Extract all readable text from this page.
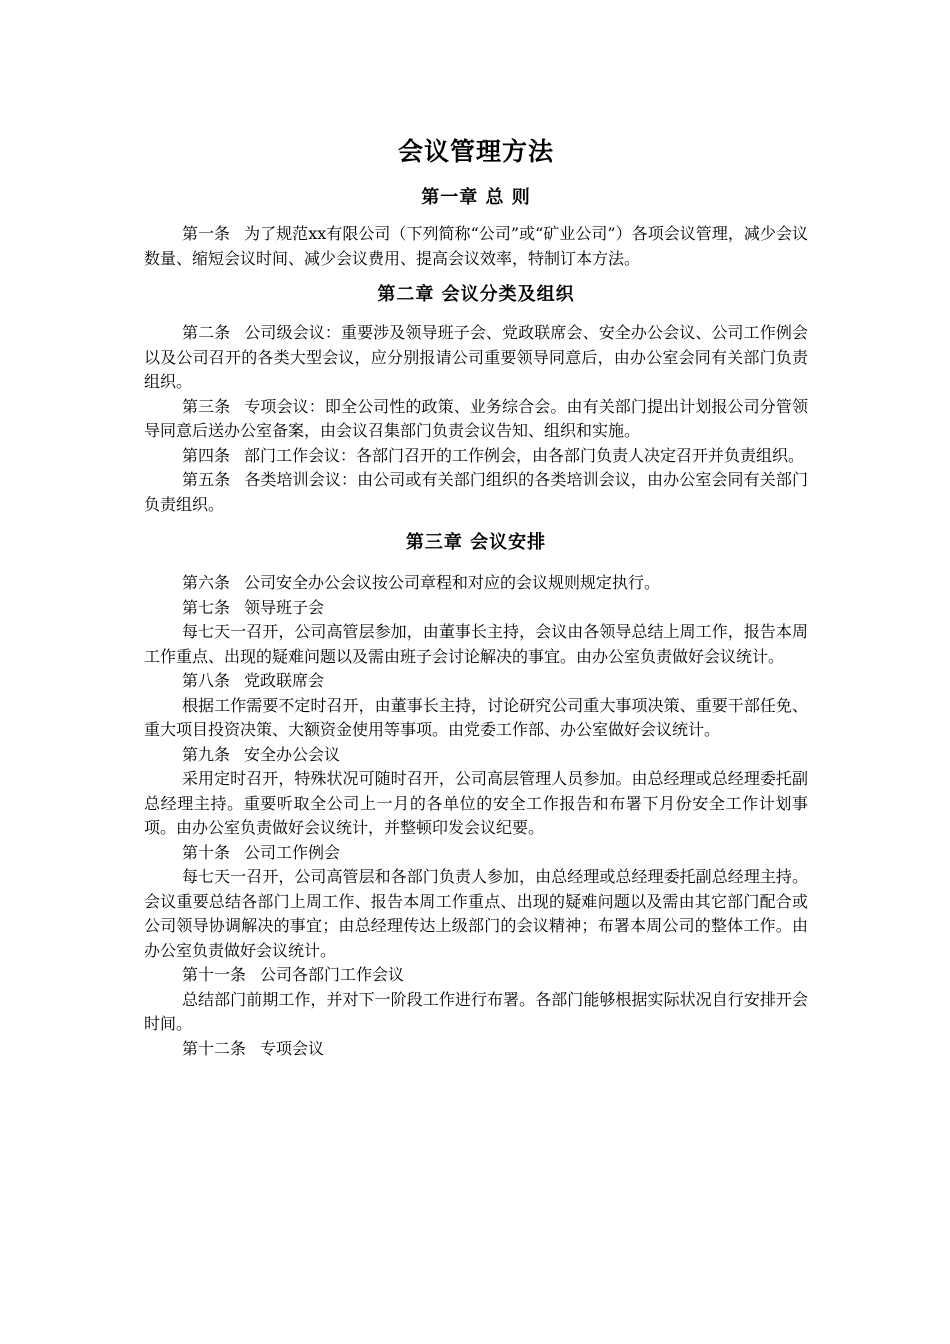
会议管理方法
第一章 总 则

第一条 为了规范xx有限公司（下列简称“公司”或“矿业公司”）各项会议管理，减少会议数量、缩短会议时间、减少会议费用、提高会议效率，特制订本方法。

第二章 会议分类及组织

第二条 公司级会议：重要涉及领导班子会、党政联席会、安全办公会议、公司工作例会以及公司召开的各类大型会议，应分别报请公司重要领导同意后，由办公室会同有关部门负责组织。

第三条 专项会议：即全公司性的政策、业务综合会。由有关部门提出计划报公司分管领导同意后送办公室备案，由会议召集部门负责会议告知、组织和实施。

第四条 部门工作会议：各部门召开的工作例会，由各部门负责人决定召开并负责组织。

第五条 各类培训会议：由公司或有关部门组织的各类培训会议，由办公室会同有关部门负责组织。

第三章 会议安排

第六条 公司安全办公会议按公司章程和对应的会议规则规定执行。

第七条 领导班子会

每七天一召开，公司高管层参加，由董事长主持，会议由各领导总结上周工作，报告本周工作重点、出现的疑难问题以及需由班子会讨论解决的事宜。由办公室负责做好会议统计。

第八条 党政联席会

根据工作需要不定时召开，由董事长主持，讨论研究公司重大事项决策、重要干部任免、重大项目投资决策、大额资金使用等事项。由党委工作部、办公室做好会议统计。

第九条 安全办公会议

采用定时召开，特殊状况可随时召开，公司高层管理人员参加。由总经理或总经理委托副总经理主持。重要听取全公司上一月的各单位的安全工作报告和布署下月份安全工作计划事项。由办公室负责做好会议统计，并整顿印发会议纪要。

第十条 公司工作例会

每七天一召开，公司高管层和各部门负责人参加，由总经理或总经理委托副总经理主持。会议重要总结各部门上周工作、报告本周工作重点、出现的疑难问题以及需由其它部门配合或公司领导协调解决的事宜；由总经理传达上级部门的会议精神；布署本周公司的整体工作。由办公室负责做好会议统计。

第十一条 公司各部门工作会议

总结部门前期工作，并对下一阶段工作进行布署。各部门能够根据实际状况自行安排开会时间。

第十二条 专项会议
